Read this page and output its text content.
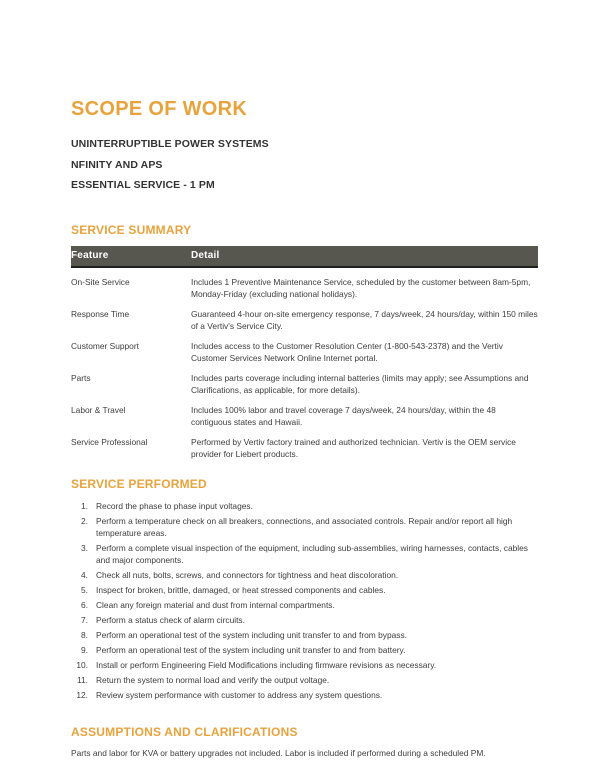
SCOPE OF WORK
UNINTERRUPTIBLE POWER SYSTEMS
NFINITY AND APS
ESSENTIAL SERVICE - 1 PM
SERVICE SUMMARY
Feature	Detail
On-Site Service	Includes 1 Preventive Maintenance Service, scheduled by the customer between 8am-5pm, Monday-Friday (excluding national holidays).
Response Time	Guaranteed 4-hour on-site emergency response, 7 days/week, 24 hours/day, within 150 miles of a Vertiv's Service City.
Customer Support	Includes access to the Customer Resolution Center (1-800-543-2378) and the Vertiv Customer Services Network Online Internet portal.
Parts	Includes parts coverage including internal batteries (limits may apply; see Assumptions and Clarifications, as applicable, for more details).
Labor & Travel	Includes 100% labor and travel coverage 7 days/week, 24 hours/day, within the 48 contiguous states and Hawaii.
Service Professional	Performed by Vertiv factory trained and authorized technician. Vertiv is the OEM service provider for Liebert products.
SERVICE PERFORMED
1. Record the phase to phase input voltages.
2. Perform a temperature check on all breakers, connections, and associated controls. Repair and/or report all high temperature areas.
3. Perform a complete visual inspection of the equipment, including sub-assemblies, wiring harnesses, contacts, cables and major components.
4. Check all nuts, bolts, screws, and connectors for tightness and heat discoloration.
5. Inspect for broken, brittle, damaged, or heat stressed components and cables.
6. Clean any foreign material and dust from internal compartments.
7. Perform a status check of alarm circuits.
8. Perform an operational test of the system including unit transfer to and from bypass.
9. Perform an operational test of the system including unit transfer to and from battery.
10. Install or perform Engineering Field Modifications including firmware revisions as necessary.
11. Return the system to normal load and verify the output voltage.
12. Review system performance with customer to address any system questions.
ASSUMPTIONS AND CLARIFICATIONS

Parts and labor for KVA or battery upgrades not included. Labor is included if performed during a scheduled PM.
